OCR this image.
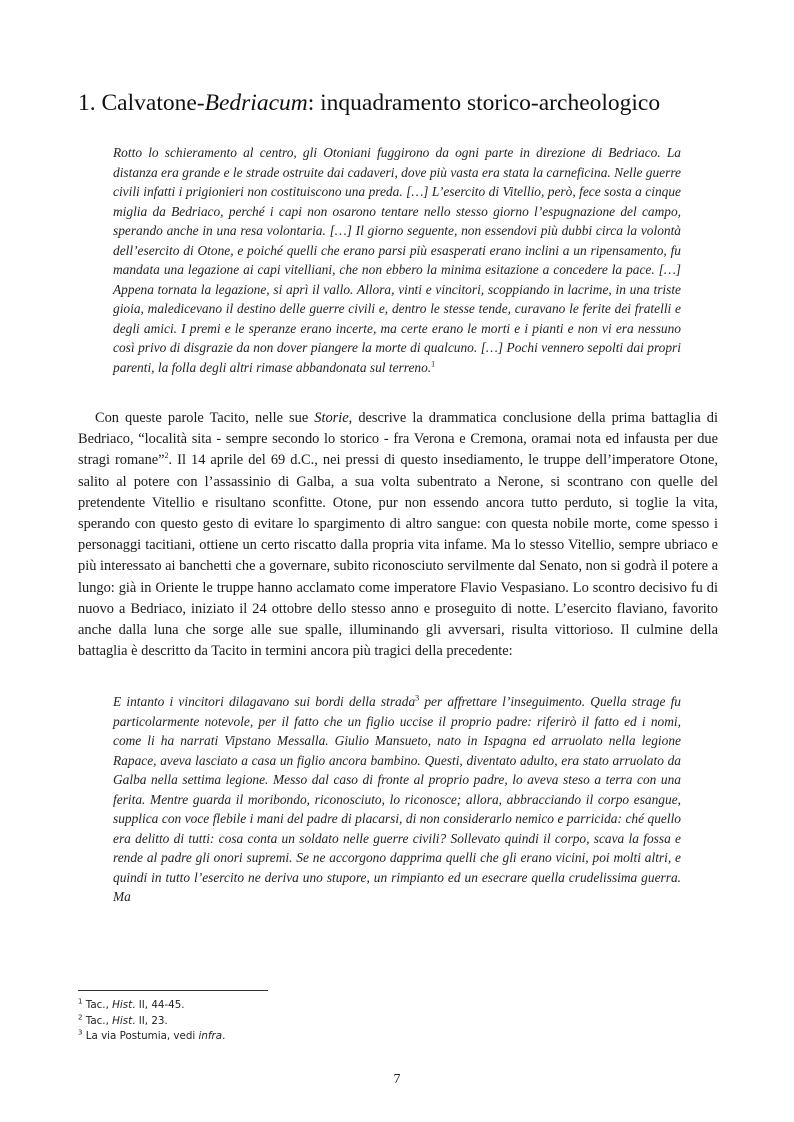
1. Calvatone-Bedriacum: inquadramento storico-archeologico

Rotto lo schieramento al centro, gli Otoniani fuggirono da ogni parte in direzione di Bedriaco. La distanza era grande e le strade ostruite dai cadaveri, dove più vasta era stata la carneficina. Nelle guerre civili infatti i prigionieri non costituiscono una preda. […] L’esercito di Vitellio, però, fece sosta a cinque miglia da Bedriaco, perché i capi non osarono tentare nello stesso giorno l’espugnazione del campo, sperando anche in una resa volontaria. […] Il giorno seguente, non essendovi più dubbi circa la volontà dell’esercito di Otone, e poiché quelli che erano parsi più esasperati erano inclini a un ripensamento, fu mandata una legazione ai capi vitelliani, che non ebbero la minima esitazione a concedere la pace. […] Appena tornata la legazione, si aprì il vallo. Allora, vinti e vincitori, scoppiando in lacrime, in una triste gioia, maledicevano il destino delle guerre civili e, dentro le stesse tende, curavano le ferite dei fratelli e degli amici. I premi e le speranze erano incerte, ma certe erano le morti e i pianti e non vi era nessuno così privo di disgrazie da non dover piangere la morte di qualcuno. […] Pochi vennero sepolti dai propri parenti, la folla degli altri rimase abbandonata sul terreno.$^1$

Con queste parole Tacito, nelle sue Storie, descrive la drammatica conclusione della prima battaglia di Bedriaco, “località sita - sempre secondo lo storico - fra Verona e Cremona, oramai nota ed infausta per due stragi romane”$^2$. Il 14 aprile del 69 d.C., nei pressi di questo insediamento, le truppe dell’imperatore Otone, salito al potere con l’assassinio di Galba, a sua volta subentrato a Nerone, si scontrano con quelle del pretendente Vitellio e risultano sconfitte. Otone, pur non essendo ancora tutto perduto, si toglie la vita, sperando con questo gesto di evitare lo spargimento di altro sangue: con questa nobile morte, come spesso i personaggi tacitiani, ottiene un certo riscatto dalla propria vita infame. Ma lo stesso Vitellio, sempre ubriaco e più interessato ai banchetti che a governare, subito riconosciuto servilmente dal Senato, non si godrà il potere a lungo: già in Oriente le truppe hanno acclamato come imperatore Flavio Vespasiano. Lo scontro decisivo fu di nuovo a Bedriaco, iniziato il 24 ottobre dello stesso anno e proseguito di notte. L’esercito flaviano, favorito anche dalla luna che sorge alle sue spalle, illuminando gli avversari, risulta vittorioso. Il culmine della battaglia è descritto da Tacito in termini ancora più tragici della precedente:

E intanto i vincitori dilagavano sui bordi della strada$^3$ per affrettare l’inseguimento. Quella strage fu particolarmente notevole, per il fatto che un figlio uccise il proprio padre: riferirò il fatto ed i nomi, come li ha narrati Vipstano Messalla. Giulio Mansueto, nato in Ispagna ed arruolato nella legione Rapace, aveva lasciato a casa un figlio ancora bambino. Questi, diventato adulto, era stato arruolato da Galba nella settima legione. Messo dal caso di fronte al proprio padre, lo aveva steso a terra con una ferita. Mentre guarda il moribondo, riconosciuto, lo riconosce; allora, abbracciando il corpo esangue, supplica con voce flebile i mani del padre di placarsi, di non considerarlo nemico e parricida: ché quello era delitto di tutti: cosa conta un soldato nelle guerre civili? Sollevato quindi il corpo, scava la fossa e rende al padre gli onori supremi. Se ne accorgono dapprima quelli che gli erano vicini, poi molti altri, e quindi in tutto l’esercito ne deriva uno stupore, un rimpianto ed un esecrare quella crudelissima guerra. Ma

$^1$ Tac., Hist. II, 44-45.
$^2$ Tac., Hist. II, 23.
$^3$ La via Postumia, vedi infra.
7
